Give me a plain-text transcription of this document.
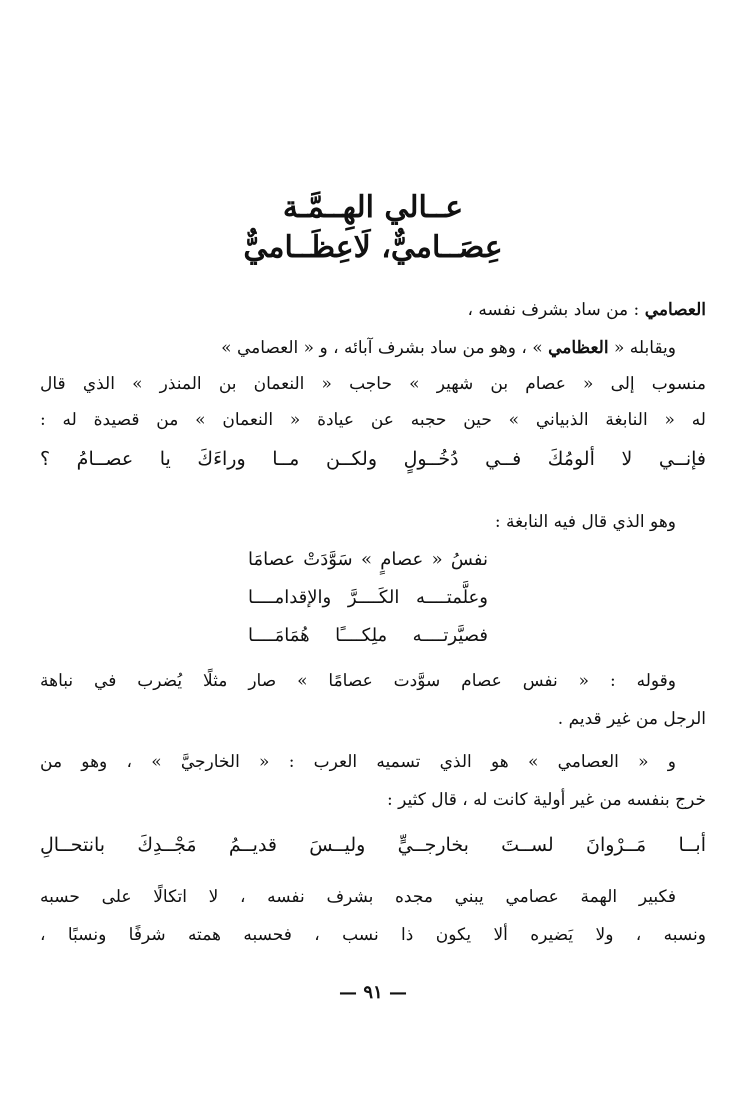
عــالي الهِــمَّـة
عِصَــاميٌّ، لَاعِظَــاميٌّ
العصامي : من ساد بشرف نفسه ،
ويقابله « العظامي » ، وهو من ساد بشرف آبائه ، و « العصامي »
منسوب إلى « عصام بن شهير » حاجب « النعمان بن المنذر » الذي قال
له « النابغة الذبياني » حين حجبه عن عيادة « النعمان » من قصيدة له :
فإنــي لا ألومُكَ فــي دُخُــولٍ ولكــن مــا وراءَكَ يا عصــامُ ؟
وهو الذي قال فيه النابغة :
نفسُ « عصامٍ » سَوَّدَتْ عصامَا
وعلَّمتــــه الكَــــرَّ والإقدامــــا
فصيَّرتــــه ملِكــــًا هُمَامَــــا
وقوله : « نفس عصام سوَّدت عصامًا » صار مثلًا يُضرب في نباهة
الرجل من غير قديم .
و « العصامي » هو الذي تسميه العرب : « الخارجيَّ » ، وهو من
خرج بنفسه من غير أولية كانت له ، قال كثير :
أبــا مَــرْوانَ لســتَ بخارجــيٍّ وليــسَ قديــمُ مَجْــدِكَ بانتحــالِ
فكبير الهمة عصامي يبني مجده بشرف نفسه ، لا اتكالًا على حسبه
ونسبه ، ولا يَضيره ألا يكون ذا نسب ، فحسبه همته شرفًا ونسبًا ،
— ٩١ —
